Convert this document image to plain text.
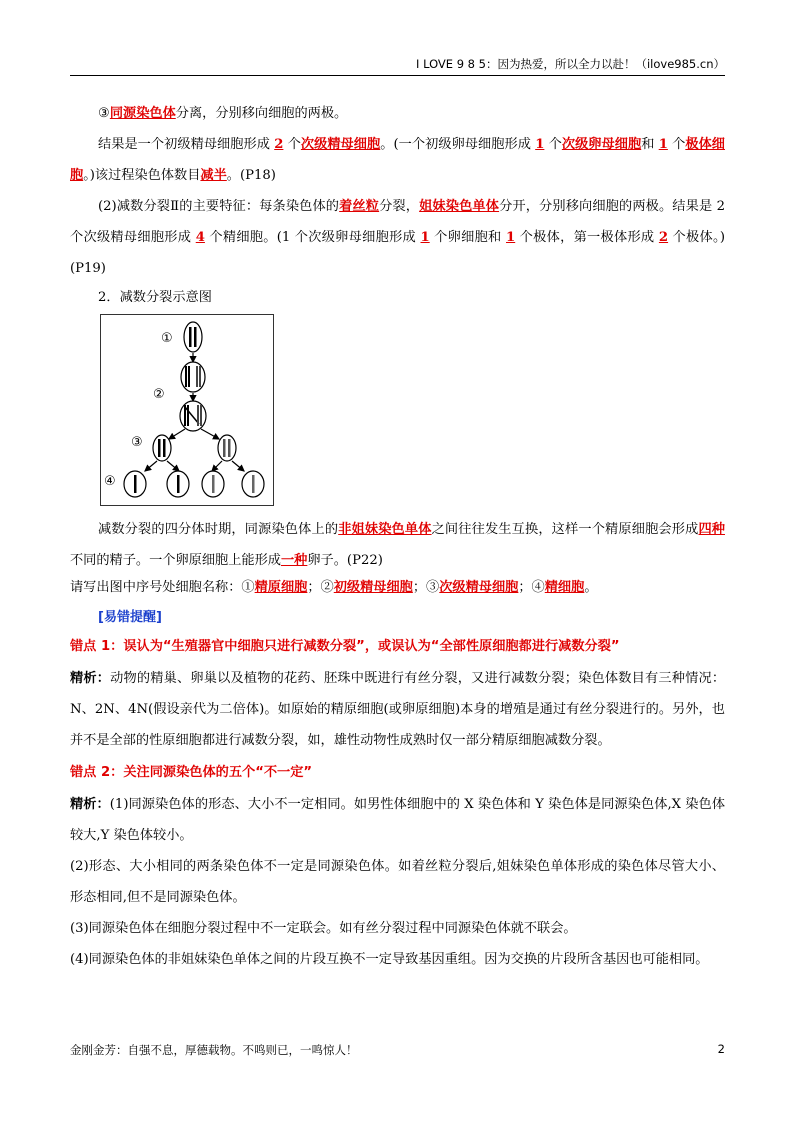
I LOVE 9 8 5：因为热爱，所以全力以赴！（ilove985.cn）

③同源染色体分离，分别移向细胞的两极。

结果是一个初级精母细胞形成 2 个次级精母细胞。(一个初级卵母细胞形成 1 个次级卵母细胞和 1 个极体细胞。)该过程染色体数目减半。(P18)

(2)减数分裂Ⅱ的主要特征：每条染色体的着丝粒分裂，姐妹染色单体分开，分别移向细胞的两极。结果是 2 个次级精母细胞形成 4 个精细胞。(1 个次级卵母细胞形成 1 个卵细胞和 1 个极体，第一极体形成 2 个极体。)(P19)

2．减数分裂示意图

①
②
③
④

减数分裂的四分体时期，同源染色体上的非姐妹染色单体之间往往发生互换，这样一个精原细胞会形成四种不同的精子。一个卵原细胞上能形成一种卵子。(P22)

请写出图中序号处细胞名称：①精原细胞；②初级精母细胞；③次级精母细胞；④精细胞。

[易错提醒]

错点 1：误认为“生殖器官中细胞只进行减数分裂”，或误认为“全部性原细胞都进行减数分裂”

精析：动物的精巢、卵巢以及植物的花药、胚珠中既进行有丝分裂，又进行减数分裂；染色体数目有三种情况：N、2N、4N(假设亲代为二倍体)。如原始的精原细胞(或卵原细胞)本身的增殖是通过有丝分裂进行的。另外，也并不是全部的性原细胞都进行减数分裂，如，雄性动物性成熟时仅一部分精原细胞减数分裂。

错点 2：关注同源染色体的五个“不一定”

精析：(1)同源染色体的形态、大小不一定相同。如男性体细胞中的 X 染色体和 Y 染色体是同源染色体,X 染色体较大,Y 染色体较小。

(2)形态、大小相同的两条染色体不一定是同源染色体。如着丝粒分裂后,姐妹染色单体形成的染色体尽管大小、形态相同,但不是同源染色体。

(3)同源染色体在细胞分裂过程中不一定联会。如有丝分裂过程中同源染色体就不联会。

(4)同源染色体的非姐妹染色单体之间的片段互换不一定导致基因重组。因为交换的片段所含基因也可能相同。

金刚金芳：自强不息，厚德载物。不鸣则已，一鸣惊人！	2
